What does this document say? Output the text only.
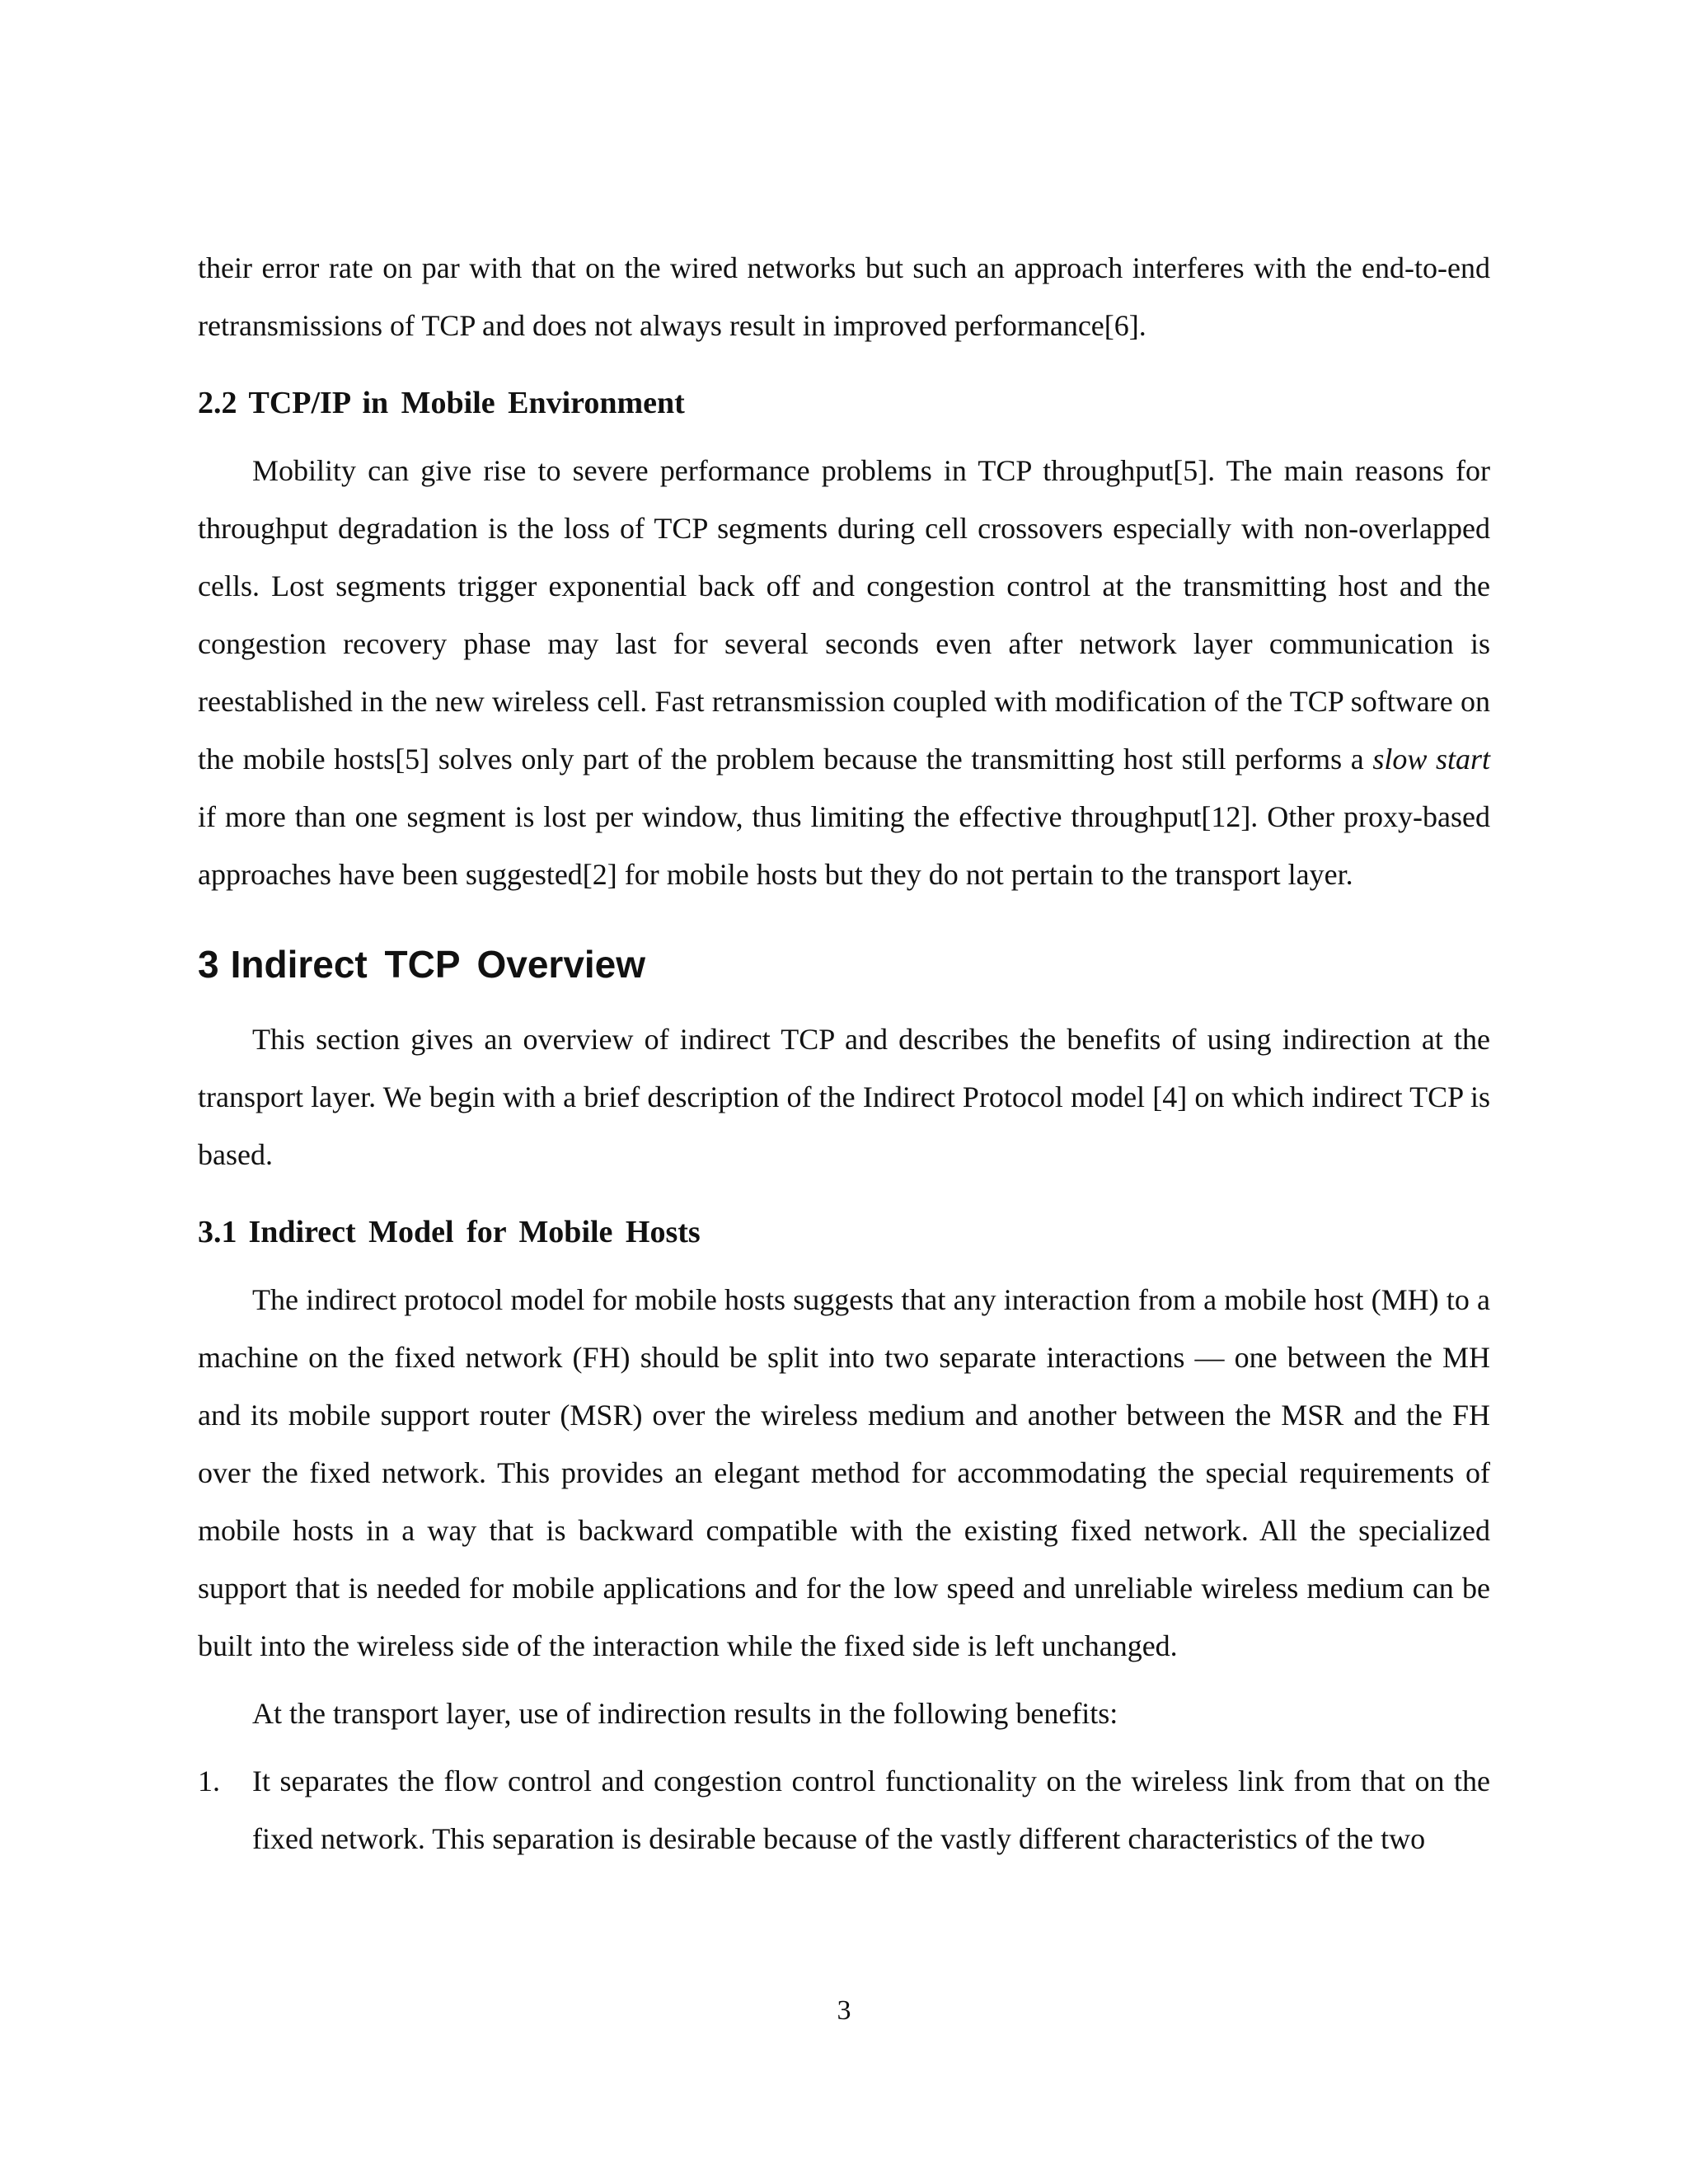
their error rate on par with that on the wired networks but such an approach interferes with the end-to-end retransmissions of TCP and does not always result in improved performance[6].

2.2 TCP/IP in Mobile Environment

Mobility can give rise to severe performance problems in TCP throughput[5]. The main reasons for throughput degradation is the loss of TCP segments during cell crossovers especially with non-overlapped cells. Lost segments trigger exponential back off and congestion control at the transmitting host and the congestion recovery phase may last for several seconds even after network layer communication is reestablished in the new wireless cell. Fast retransmission coupled with modification of the TCP software on the mobile hosts[5] solves only part of the problem because the transmitting host still performs a slow start if more than one segment is lost per window, thus limiting the effective throughput[12]. Other proxy-based approaches have been suggested[2] for mobile hosts but they do not pertain to the transport layer.

3 Indirect TCP Overview

This section gives an overview of indirect TCP and describes the benefits of using indirection at the transport layer. We begin with a brief description of the Indirect Protocol model [4] on which indirect TCP is based.

3.1 Indirect Model for Mobile Hosts

The indirect protocol model for mobile hosts suggests that any interaction from a mobile host (MH) to a machine on the fixed network (FH) should be split into two separate interactions — one between the MH and its mobile support router (MSR) over the wireless medium and another between the MSR and the FH over the fixed network. This provides an elegant method for accommodating the special requirements of mobile hosts in a way that is backward compatible with the existing fixed network. All the specialized support that is needed for mobile applications and for the low speed and unreliable wireless medium can be built into the wireless side of the interaction while the fixed side is left unchanged.

At the transport layer, use of indirection results in the following benefits:

1. It separates the flow control and congestion control functionality on the wireless link from that on the fixed network. This separation is desirable because of the vastly different characteristics of the two

3
